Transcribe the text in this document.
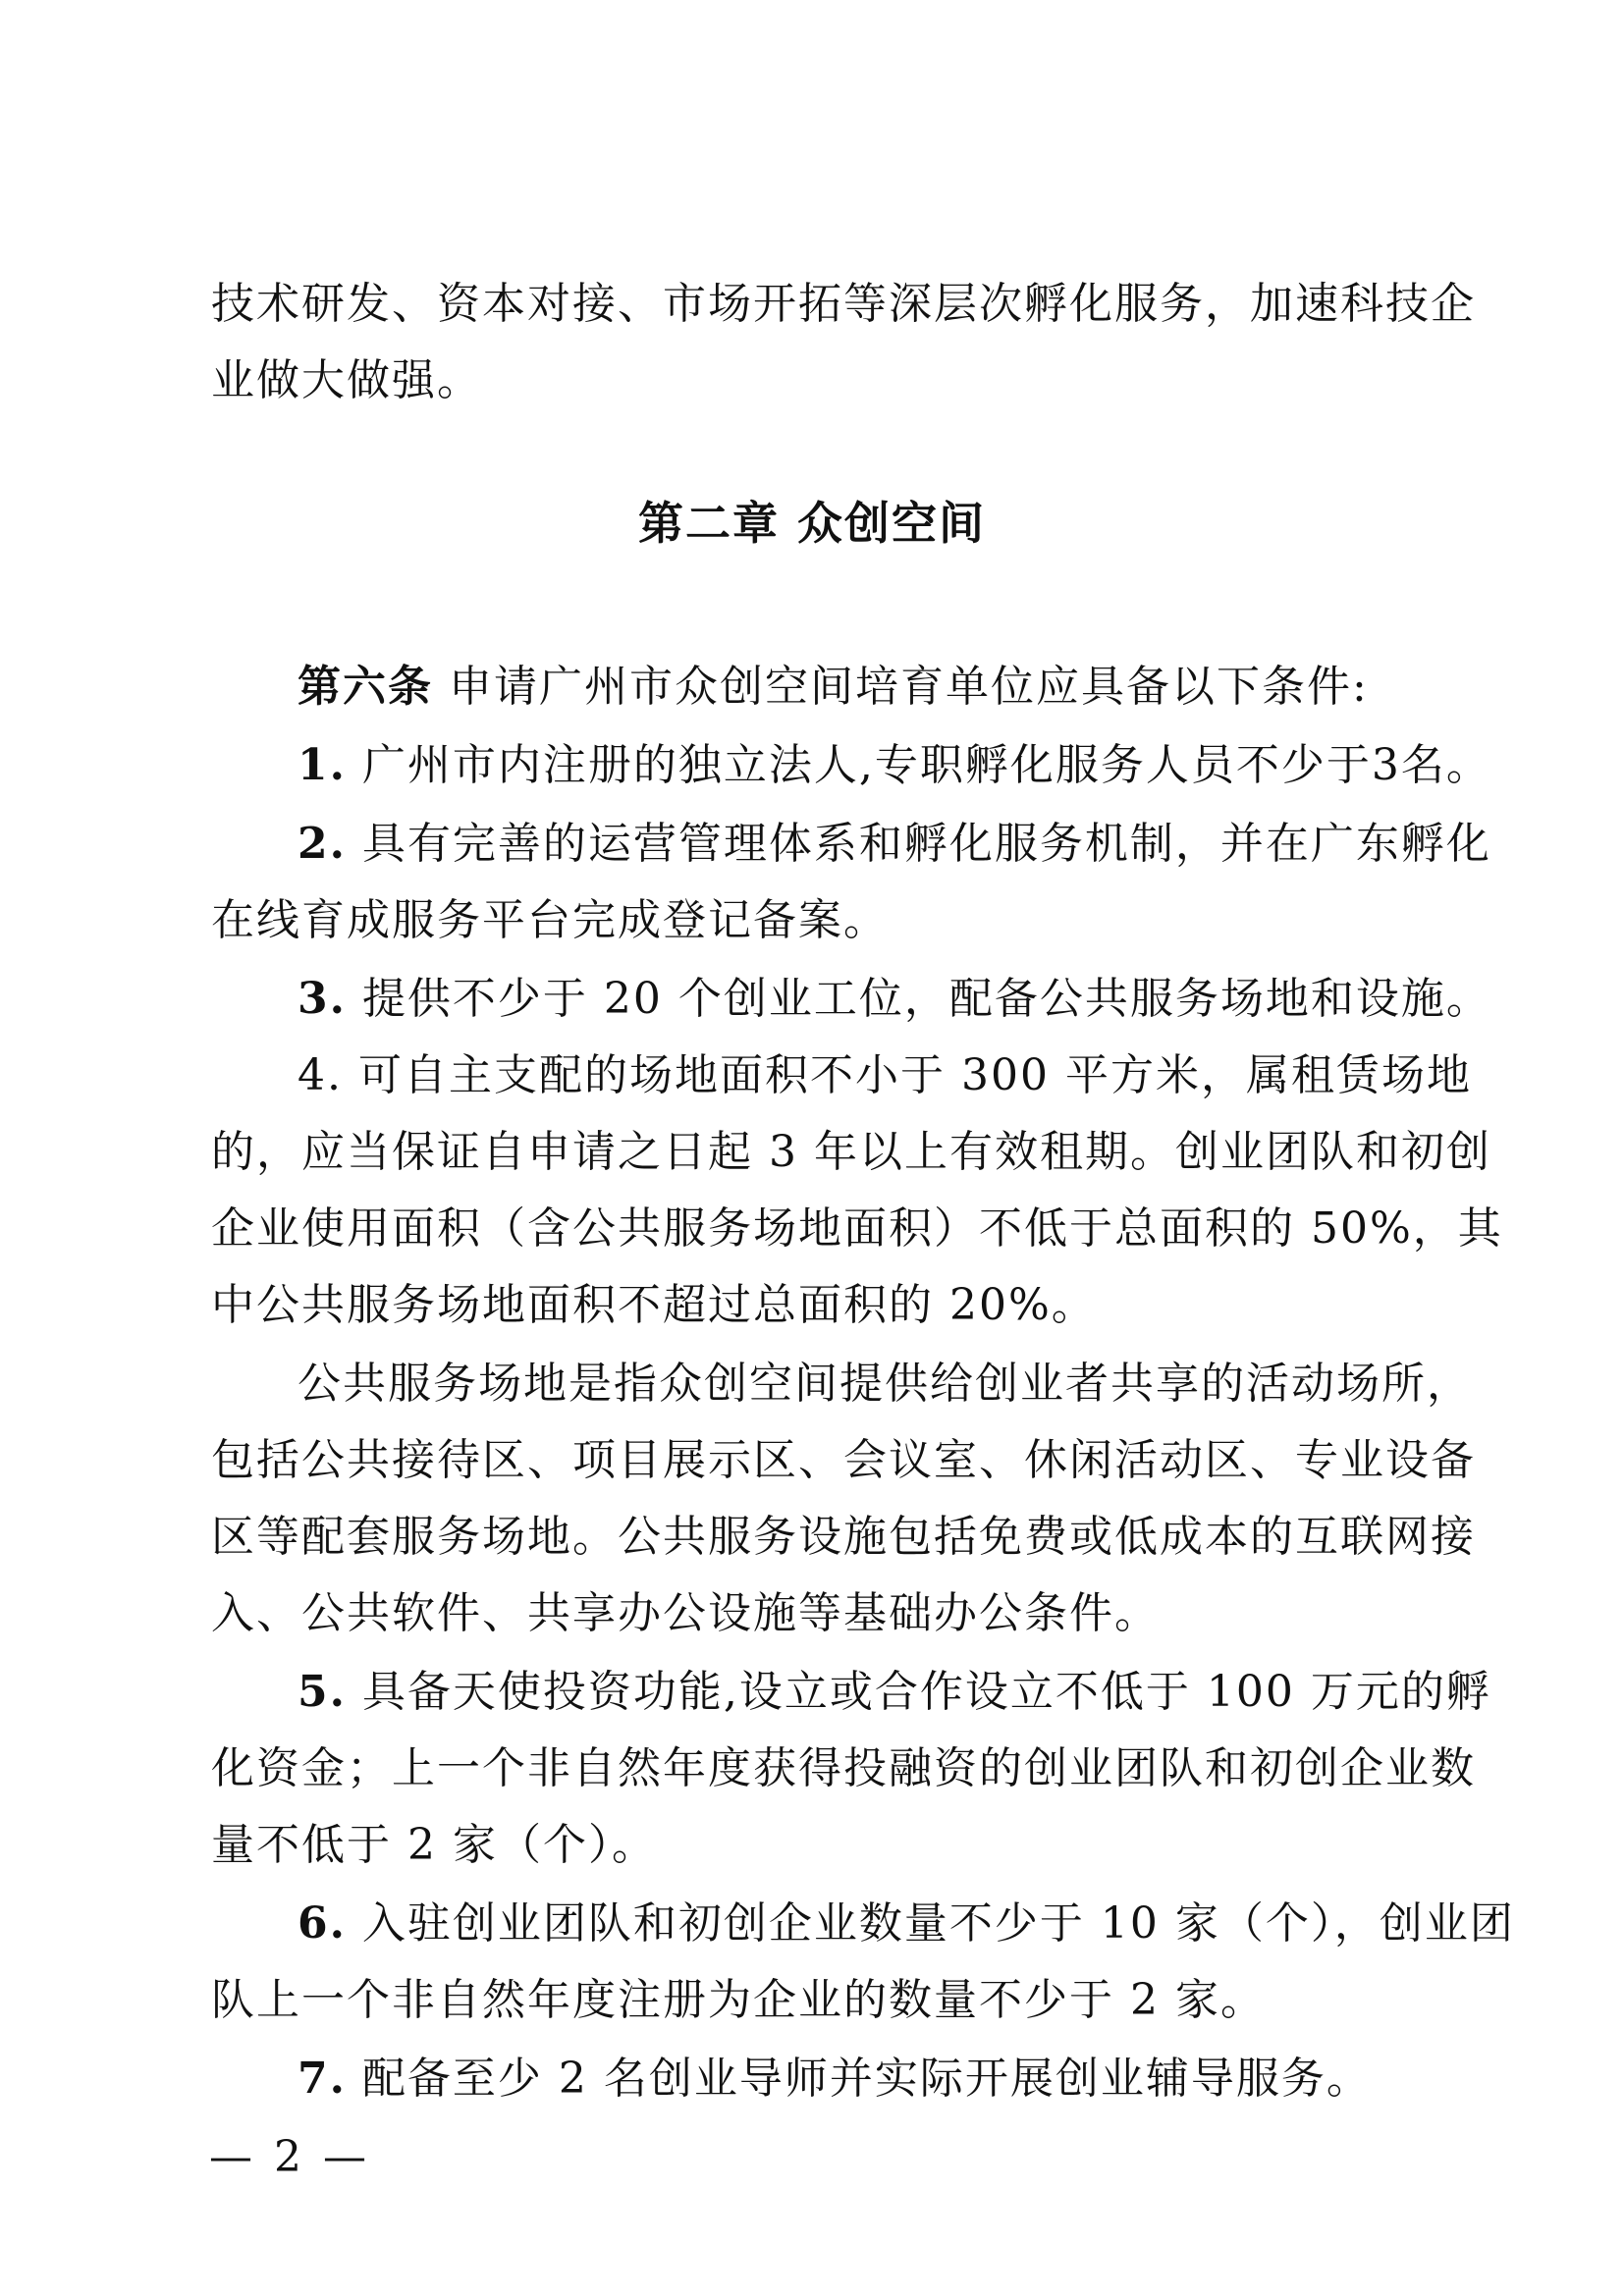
技术研发、资本对接、市场开拓等深层次孵化服务，加速科技企
业做大做强。
第二章 众创空间
第六条 申请广州市众创空间培育单位应具备以下条件:
1. 广州市内注册的独立法人,专职孵化服务人员不少于3名。
2. 具有完善的运营管理体系和孵化服务机制，并在广东孵化
在线育成服务平台完成登记备案。
3. 提供不少于 20 个创业工位，配备公共服务场地和设施。
4. 可自主支配的场地面积不小于 300 平方米，属租赁场地
的，应当保证自申请之日起 3 年以上有效租期。创业团队和初创
企业使用面积（含公共服务场地面积）不低于总面积的 50%，其
中公共服务场地面积不超过总面积的 20%。
公共服务场地是指众创空间提供给创业者共享的活动场所，
包括公共接待区、项目展示区、会议室、休闲活动区、专业设备
区等配套服务场地。公共服务设施包括免费或低成本的互联网接
入、公共软件、共享办公设施等基础办公条件。
5. 具备天使投资功能,设立或合作设立不低于 100 万元的孵
化资金；上一个非自然年度获得投融资的创业团队和初创企业数
量不低于 2 家（个）。
6. 入驻创业团队和初创企业数量不少于 10 家（个），创业团
队上一个非自然年度注册为企业的数量不少于 2 家。
7. 配备至少 2 名创业导师并实际开展创业辅导服务。
— 2 —
